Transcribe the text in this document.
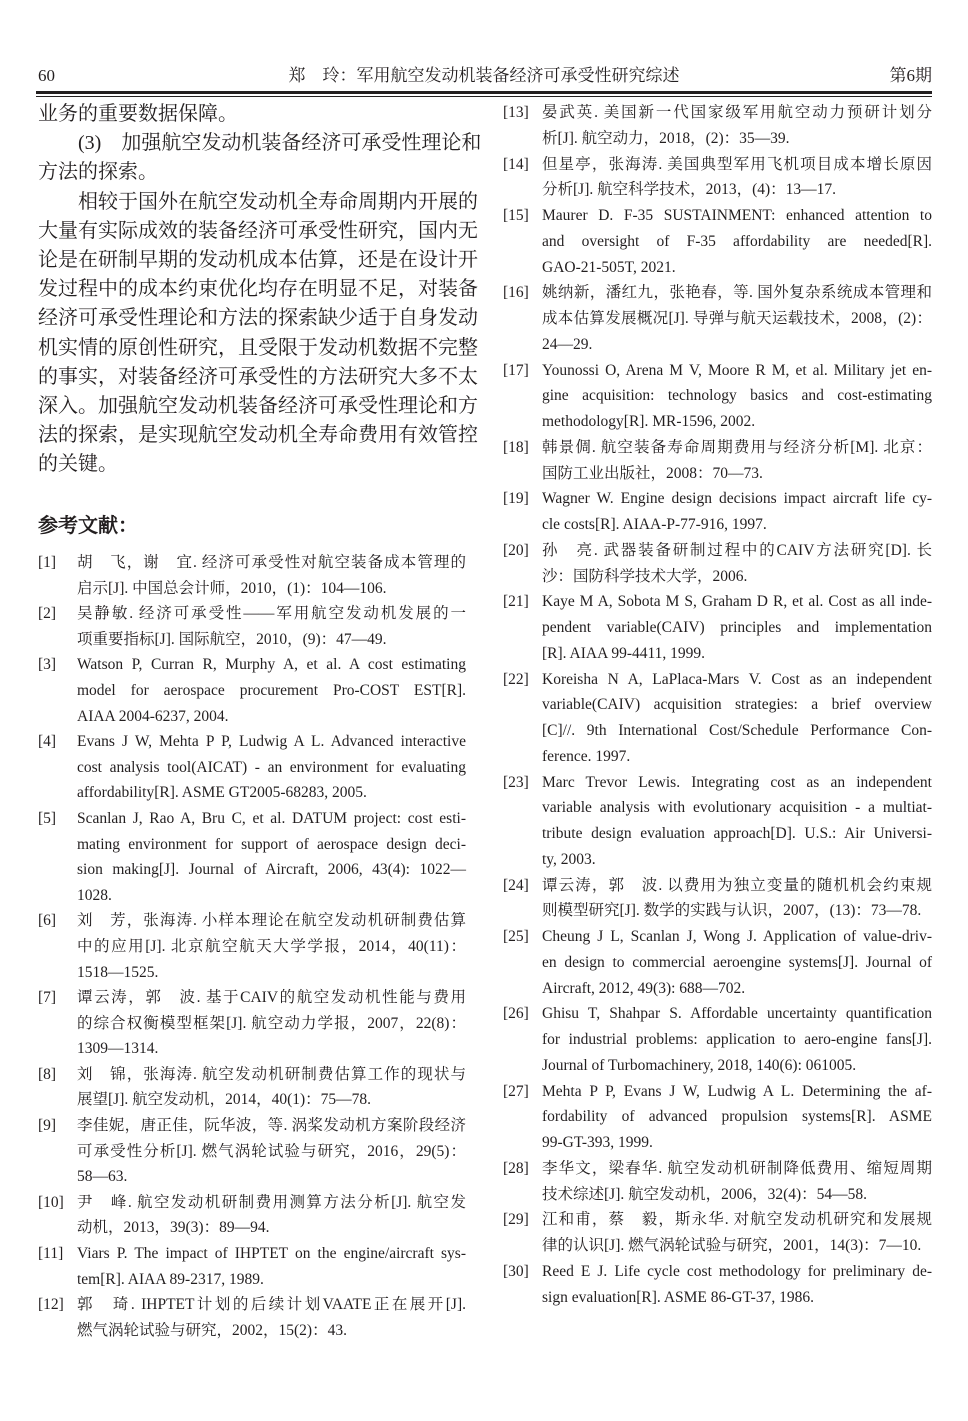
60	郑　玲：军用航空发动机装备经济可承受性研究综述	第6期
业务的重要数据保障。
(3)　加强航空发动机装备经济可承受性理论和
方法的探索。
相较于国外在航空发动机全寿命周期内开展的
大量有实际成效的装备经济可承受性研究，国内无
论是在研制早期的发动机成本估算，还是在设计开
发过程中的成本约束优化均存在明显不足，对装备
经济可承受性理论和方法的探索缺少适于自身发动
机实情的原创性研究，且受限于发动机数据不完整
的事实，对装备经济可承受性的方法研究大多不太
深入。加强航空发动机装备经济可承受性理论和方
法的探索，是实现航空发动机全寿命费用有效管控
的关键。
参考文献：
[1] 胡　飞，谢　宜. 经济可承受性对航空装备成本管理的
启示[J]. 中国总会计师，2010，(1)：104—106.
[2] 吴静敏. 经济可承受性——军用航空发动机发展的一
项重要指标[J]. 国际航空，2010，(9)：47—49.
[3] Watson P, Curran R, Murphy A, et al. A cost estimating
model for aerospace procurement Pro-COST EST[R].
AIAA 2004-6237, 2004.
[4] Evans J W, Mehta P P, Ludwig A L. Advanced interactive
cost analysis tool(AICAT) - an environment for evaluating
affordability[R]. ASME GT2005-68283, 2005.
[5] Scanlan J, Rao A, Bru C, et al. DATUM project: cost esti-
mating environment for support of aerospace design deci-
sion making[J]. Journal of Aircraft, 2006, 43(4): 1022—
1028.
[6] 刘　芳，张海涛. 小样本理论在航空发动机研制费估算
中的应用[J]. 北京航空航天大学学报，2014，40(11)：
1518—1525.
[7] 谭云涛，郭　波. 基于CAIV的航空发动机性能与费用
的综合权衡模型框架[J]. 航空动力学报，2007，22(8)：
1309—1314.
[8] 刘　锦，张海涛. 航空发动机研制费估算工作的现状与
展望[J]. 航空发动机，2014，40(1)：75—78.
[9] 李佳妮，唐正佳，阮华波，等. 涡桨发动机方案阶段经济
可承受性分析[J]. 燃气涡轮试验与研究，2016，29(5)：
58—63.
[10] 尹　峰. 航空发动机研制费用测算方法分析[J]. 航空发
动机，2013，39(3)：89—94.
[11] Viars P. The impact of IHPTET on the engine/aircraft sys-
tem[R]. AIAA 89-2317, 1989.
[12] 郭　琦. IHPTET计划的后续计划VAATE正在展开[J].
燃气涡轮试验与研究，2002，15(2)：43.
[13] 晏武英. 美国新一代国家级军用航空动力预研计划分
析[J]. 航空动力，2018，(2)：35—39.
[14] 但星亭，张海涛. 美国典型军用飞机项目成本增长原因
分析[J]. 航空科学技术，2013，(4)：13—17.
[15] Maurer D. F-35 SUSTAINMENT: enhanced attention to
and oversight of F-35 affordability are needed[R].
GAO-21-505T, 2021.
[16] 姚纳新，潘红九，张艳春，等. 国外复杂系统成本管理和
成本估算发展概况[J]. 导弹与航天运载技术，2008，(2)：
24—29.
[17] Younossi O, Arena M V, Moore R M, et al. Military jet en-
gine acquisition: technology basics and cost-estimating
methodology[R]. MR-1596, 2002.
[18] 韩景倜. 航空装备寿命周期费用与经济分析[M]. 北京：
国防工业出版社，2008：70—73.
[19] Wagner W. Engine design decisions impact aircraft life cy-
cle costs[R]. AIAA-P-77-916, 1997.
[20] 孙　亮. 武器装备研制过程中的CAIV方法研究[D]. 长
沙：国防科学技术大学，2006.
[21] Kaye M A, Sobota M S, Graham D R, et al. Cost as all inde-
pendent variable(CAIV) principles and implementation
[R]. AIAA 99-4411, 1999.
[22] Koreisha N A, LaPlaca-Mars V. Cost as an independent
variable(CAIV) acquisition strategies: a brief overview
[C]//. 9th International Cost/Schedule Performance Con-
ference. 1997.
[23] Marc Trevor Lewis. Integrating cost as an independent
variable analysis with evolutionary acquisition - a multiat-
tribute design evaluation approach[D]. U.S.: Air Universi-
ty, 2003.
[24] 谭云涛，郭　波. 以费用为独立变量的随机机会约束规
则模型研究[J]. 数学的实践与认识，2007，(13)：73—78.
[25] Cheung J L, Scanlan J, Wong J. Application of value-driv-
en design to commercial aeroengine systems[J]. Journal of
Aircraft, 2012, 49(3): 688—702.
[26] Ghisu T, Shahpar S. Affordable uncertainty quantification
for industrial problems: application to aero-engine fans[J].
Journal of Turbomachinery, 2018, 140(6): 061005.
[27] Mehta P P, Evans J W, Ludwig A L. Determining the af-
fordability of advanced propulsion systems[R]. ASME
99-GT-393, 1999.
[28] 李华文，梁春华. 航空发动机研制降低费用、缩短周期
技术综述[J]. 航空发动机，2006，32(4)：54—58.
[29] 江和甫，蔡　毅，斯永华. 对航空发动机研究和发展规
律的认识[J]. 燃气涡轮试验与研究，2001，14(3)：7—10.
[30] Reed E J. Life cycle cost methodology for preliminary de-
sign evaluation[R]. ASME 86-GT-37, 1986.
